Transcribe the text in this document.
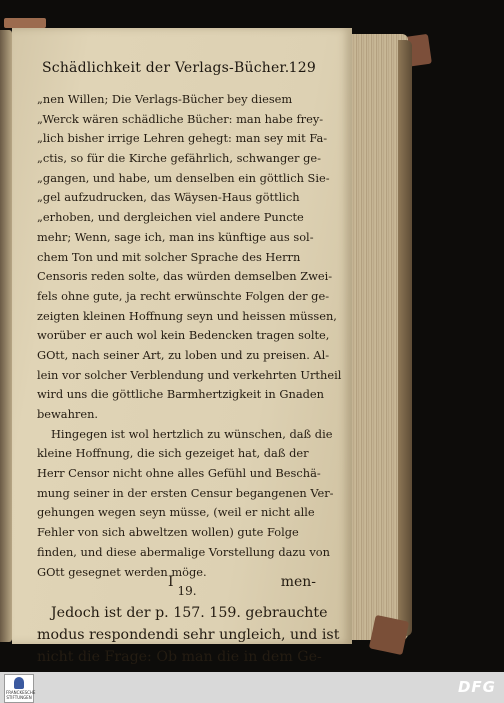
Schädlichkeit der Verlags-Bücher. 129
„nen Willen; Die Verlags-Bücher bey diesem
„Werck wären schädliche Bücher: man habe frey-
„lich bisher irrige Lehren gehegt: man sey mit Fa-
„ctis, so für die Kirche gefährlich, schwanger ge-
„gangen, und habe, um denselben ein göttlich Sie-
„gel aufzudrucken, das Wäysen-Haus göttlich
„erhoben, und dergleichen viel andere Puncte
mehr; Wenn, sage ich, man ins künftige aus sol-
chem Ton und mit solcher Sprache des Herrn
Censoris reden solte, das würden demselben Zwei-
fels ohne gute, ja recht erwünschte Folgen der ge-
zeigten kleinen Hoffnung seyn und heissen müssen,
worüber er auch wol kein Bedencken tragen solte,
GOtt, nach seiner Art, zu loben und zu preisen. Al-
lein vor solcher Verblendung und verkehrten Urtheil
wird uns die göttliche Barmhertzigkeit in Gnaden
bewahren.
Hingegen ist wol hertzlich zu wünschen, daß die
kleine Hoffnung, die sich gezeiget hat, daß der
Herr Censor nicht ohne alles Gefühl und Beschä-
mung seiner in der ersten Censur begangenen Ver-
gehungen wegen seyn müsse, (weil er nicht alle
Fehler von sich abweltzen wollen) gute Folge
finden, und diese abermalige Vorstellung dazu von
GOtt gesegnet werden möge.
19.
Jedoch ist der p. 157. 159. gebrauchte
modus respondendi sehr ungleich, und ist
nicht die Frage: Ob man die in dem Ge-
I	men-
FRANCKESCHE STIFTUNGEN
DFG
